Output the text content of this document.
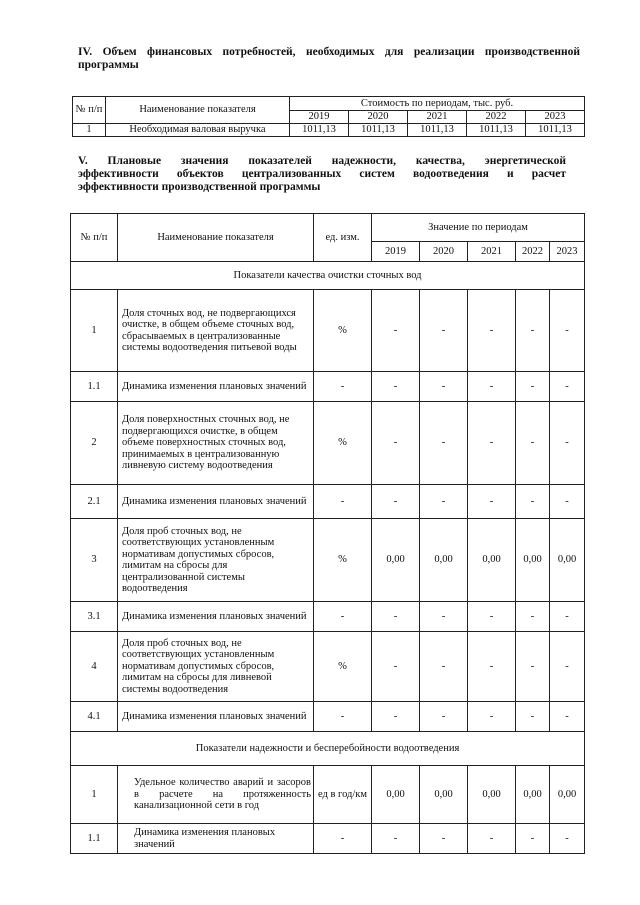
IV. Объем финансовых потребностей, необходимых для реализации производственной
программы
№ п/п	Наименование показателя	Стоимость по периодам, тыс. руб.				
		2019	2020	2021	2022	2023
1	Необходимая валовая выручка	1011,13	1011,13	1011,13	1011,13	1011,13
V. Плановые значения показателей надежности, качества, энергетической
эффективности объектов централизованных систем водоотведения и расчет
эффективности производственной программы
№ п/п	Наименование показателя	ед. изм.	Значение по периодам				
			2019	2020	2021	2022	2023
Показатели качества очистки сточных вод							
1	Доля сточных вод, не подвергающихся очистке, в общем объеме сточных вод, сбрасываемых в централизованные системы водоотведения питьевой воды	%	-	-	-	-	-
1.1	Динамика изменения плановых значений	-	-	-	-	-	-
2	Доля поверхностных сточных вод, не подвергающихся очистке, в общем объеме поверхностных сточных вод, принимаемых в централизованную ливневую систему водоотведения	%	-	-	-	-	-
2.1	Динамика изменения плановых значений	-	-	-	-	-	-
3	Доля проб сточных вод, не соответствующих установленным нормативам допустимых сбросов, лимитам на сбросы для централизованной системы водоотведения	%	0,00	0,00	0,00	0,00	0,00
3.1	Динамика изменения плановых значений	-	-	-	-	-	-
4	Доля проб сточных вод, не соответствующих установленным нормативам допустимых сбросов, лимитам на сбросы для ливневой системы водоотведения	%	-	-	-	-	-
4.1	Динамика изменения плановых значений	-	-	-	-	-	-
Показатели надежности и бесперебойности водоотведения							
1	Удельное количество аварий и засоров в расчете на протяженность канализационной сети в год	ед в год/км	0,00	0,00	0,00	0,00	0,00
1.1	Динамика изменения плановых значений	-	-	-	-	-	-
